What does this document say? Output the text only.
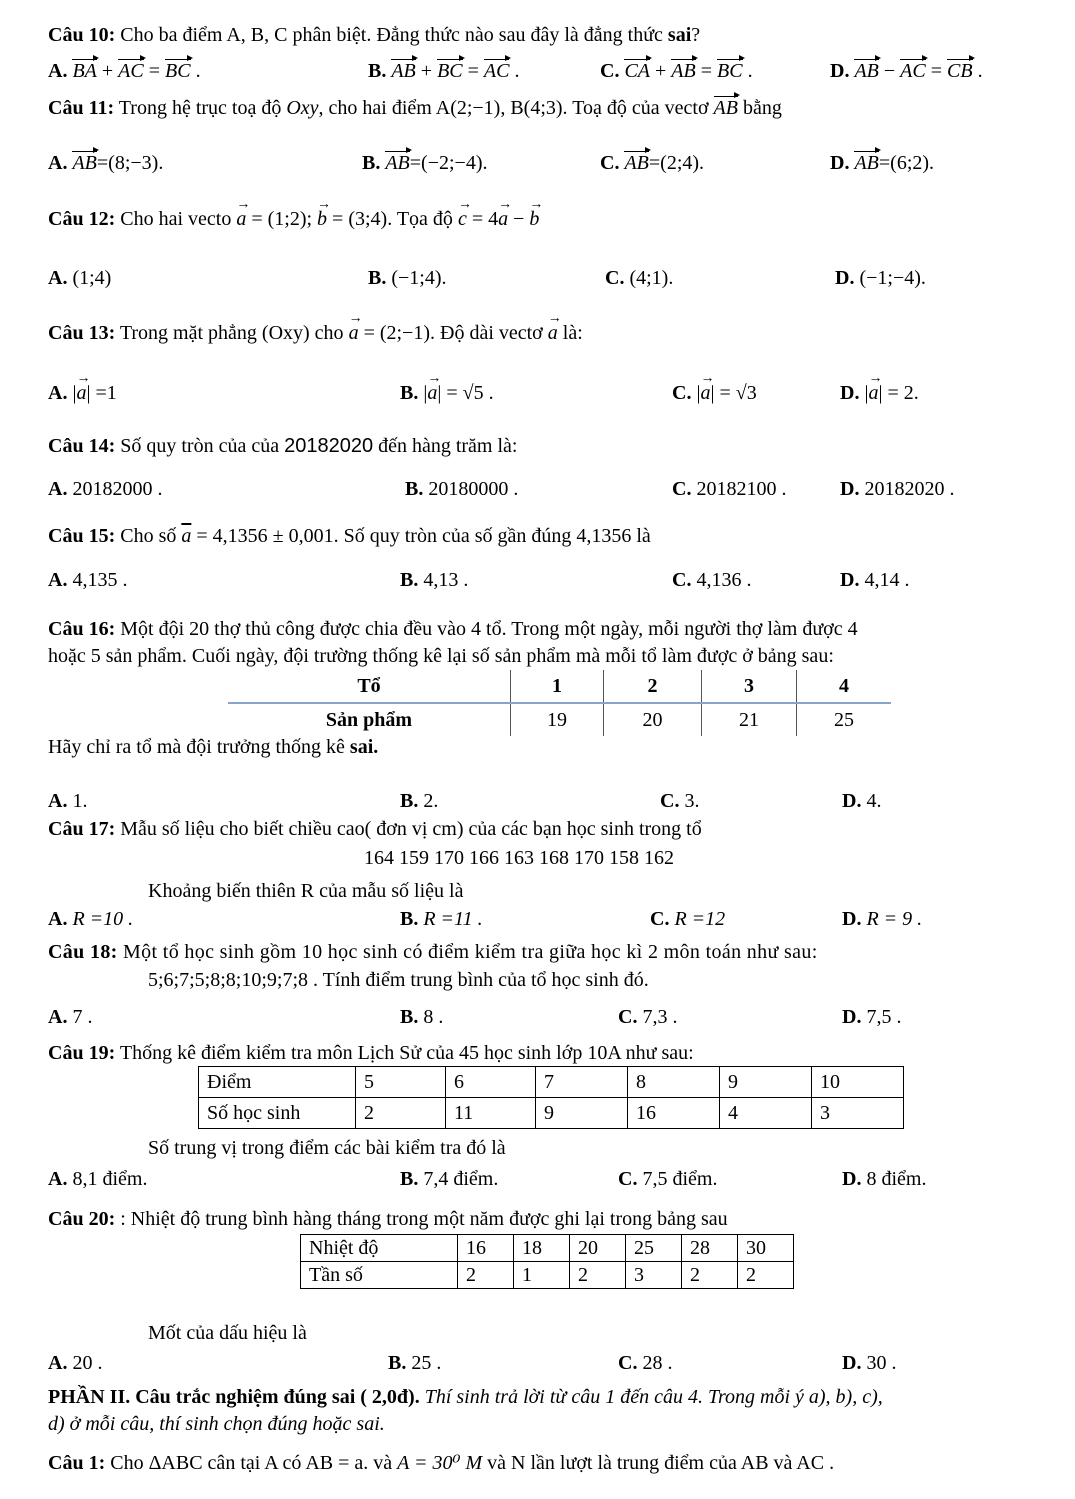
Câu 10: Cho ba điểm A, B, C phân biệt. Đẳng thức nào sau đây là đẳng thức sai?
A. BA + AC = BC .	B. AB + BC = AC .	C. CA + AB = BC .	D. AB − AC = CB .
Câu 11: Trong hệ trục toạ độ Oxy, cho hai điểm A(2;−1), B(4;3). Toạ độ của vectơ AB bằng
A. AB=(8;−3).	B. AB=(−2;−4).	C. AB=(2;4).	D. AB=(6;2).
Câu 12: Cho hai vecto a → = (1;2); b → = (3;4). Tọa độ c → = 4a → − b →
A. (1;4)	B. (−1;4).	C. (4;1).	D. (−1;−4).
Câu 13: Trong mặt phẳng (Oxy) cho a → = (2;−1). Độ dài vectơ a → là:
A. |a →| =1	B. |a →| = √5 .	C. |a →| = √3	D. |a →| = 2.
Câu 14: Số quy tròn của của 20182020 đến hàng trăm là:
A. 20182000 .	B. 20180000 .	C. 20182100 .	D. 20182020 .
Câu 15: Cho số $\overline{a} = 4,1356 \pm 0,001$. Số quy tròn của số gần đúng 4,1356 là
A. 4,135 .	B. 4,13 .	C. 4,136 .	D. 4,14 .
Câu 16: Một đội 20 thợ thủ công được chia đều vào 4 tổ. Trong một ngày, mỗi người thợ làm được 4
hoặc 5 sản phẩm. Cuối ngày, đội trường thống kê lại số sản phẩm mà mỗi tổ làm được ở bảng sau:
Tổ	1	2	3	4
Sản phẩm	19	20	21	25
Hãy chỉ ra tổ mà đội trưởng thống kê sai.
A. 1.	B. 2.	C. 3.	D. 4.
Câu 17: Mẫu số liệu cho biết chiều cao( đơn vị cm) của các bạn học sinh trong tổ
164 159 170 166 163 168 170 158 162
Khoảng biến thiên R của mẫu số liệu là
A. R =10 .	B. R =11 .	C. R =12	D. R = 9 .
Câu 18: Một tổ học sinh gồm 10 học sinh có điểm kiểm tra giữa học kì 2 môn toán như sau:
5;6;7;5;8;8;10;9;7;8 . Tính điểm trung bình của tổ học sinh đó.
A. 7 .	B. 8 .	C. 7,3 .	D. 7,5 .
Câu 19: Thống kê điểm kiểm tra môn Lịch Sử của 45 học sinh lớp 10A như sau:
Điểm	5	6	7	8	9	10
Số học sinh	2	11	9	16	4	3
Số trung vị trong điểm các bài kiểm tra đó là
A. 8,1 điểm.	B. 7,4 điểm.	C. 7,5 điểm.	D. 8 điểm.
Câu 20: : Nhiệt độ trung bình hàng tháng trong một năm được ghi lại trong bảng sau
Nhiệt độ	16	18	20	25	28	30
Tần số	2	1	2	3	2	2
Mốt của dấu hiệu là
A. 20 .	B. 25 .	C. 28 .	D. 30 .
PHẦN II. Câu trắc nghiệm đúng sai ( 2,0đ). Thí sinh trả lời từ câu 1 đến câu 4. Trong mỗi ý a), b), c),
d) ở mỗi câu, thí sinh chọn đúng hoặc sai.
Câu 1: Cho ΔABC cân tại A có AB = a. và A = 30⁰ M và N lần lượt là trung điểm của AB và AC .
